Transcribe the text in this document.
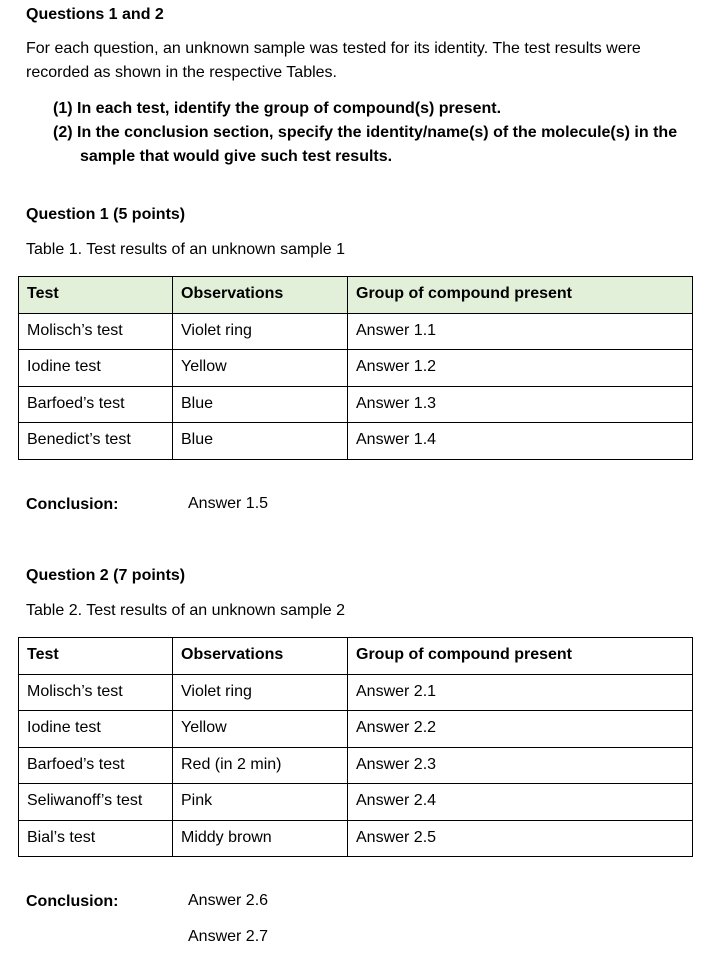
Questions 1 and 2
For each question, an unknown sample was tested for its identity. The test results were recorded as shown in the respective Tables.
(1) In each test, identify the group of compound(s) present.
(2) In the conclusion section, specify the identity/name(s) of the molecule(s) in the sample that would give such test results.
Question 1 (5 points)
Table 1. Test results of an unknown sample 1
Test	Observations	Group of compound present
Molisch’s test	Violet ring	Answer 1.1
Iodine test	Yellow	Answer 1.2
Barfoed’s test	Blue	Answer 1.3
Benedict’s test	Blue	Answer 1.4
Conclusion:	Answer 1.5
Question 2 (7 points)
Table 2. Test results of an unknown sample 2
Test	Observations	Group of compound present
Molisch’s test	Violet ring	Answer 2.1
Iodine test	Yellow	Answer 2.2
Barfoed’s test	Red (in 2 min)	Answer 2.3
Seliwanoff’s test	Pink	Answer 2.4
Bial’s test	Middy brown	Answer 2.5
Conclusion:	Answer 2.6
Answer 2.7
